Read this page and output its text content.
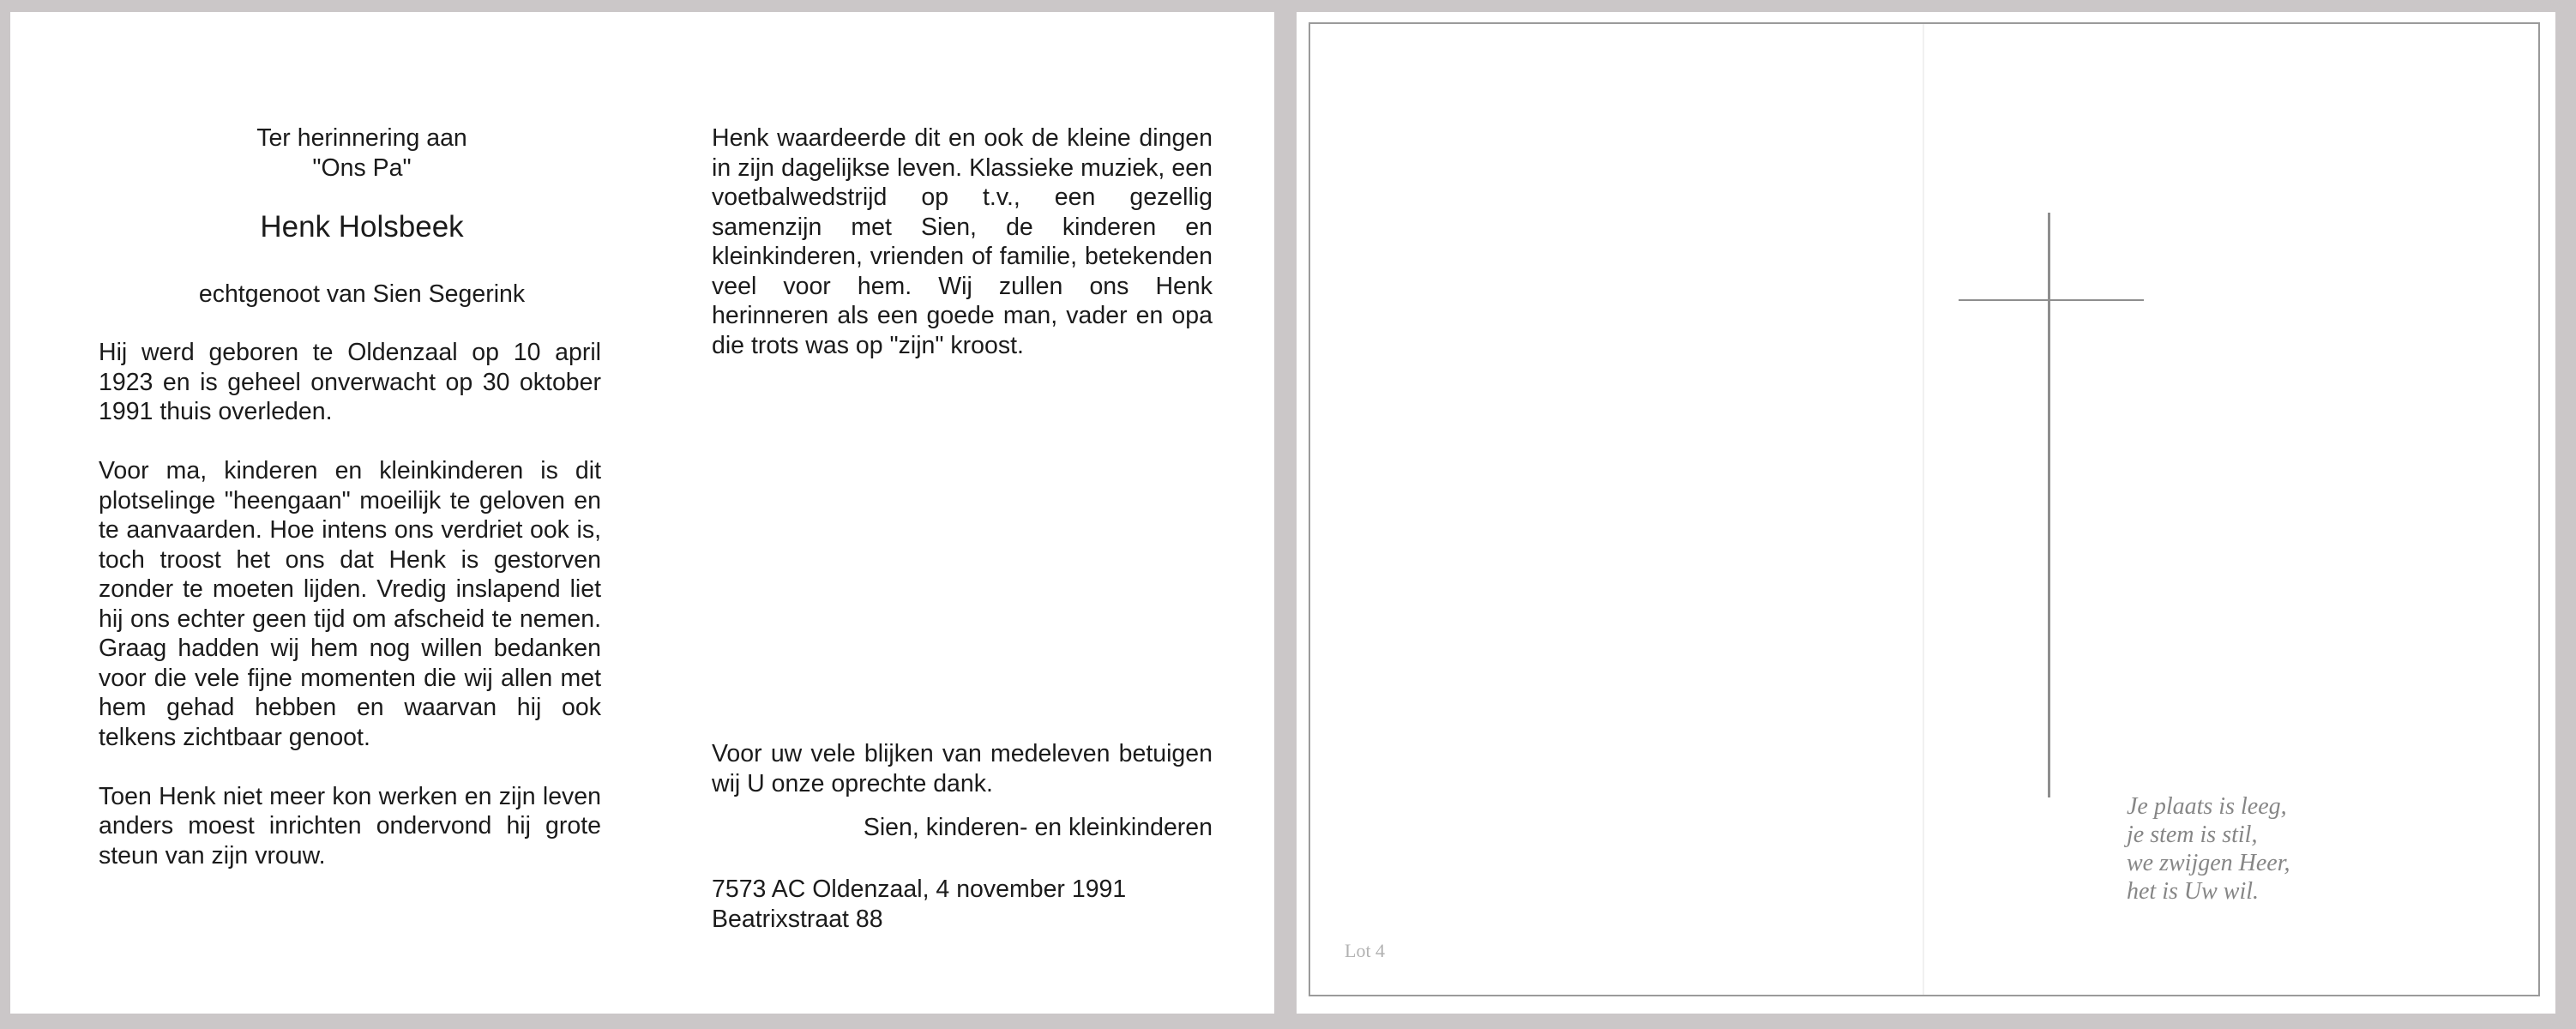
Ter herinnering aan
"Ons Pa"
Henk Holsbeek
echtgenoot van Sien Segerink

Hij werd geboren te Oldenzaal op 10 april 1923 en is geheel onverwacht op 30 oktober 1991 thuis overleden.

Voor ma, kinderen en kleinkinderen is dit plotselinge "heengaan" moeilijk te geloven en te aanvaarden. Hoe intens ons verdriet ook is, toch troost het ons dat Henk is gestorven zonder te moeten lijden. Vredig inslapend liet hij ons echter geen tijd om afscheid te nemen. Graag hadden wij hem nog willen bedanken voor die vele fijne momenten die wij allen met hem gehad hebben en waarvan hij ook telkens zichtbaar genoot.

Toen Henk niet meer kon werken en zijn leven anders moest inrichten ondervond hij grote steun van zijn vrouw.

Henk waardeerde dit en ook de kleine dingen in zijn dagelijkse leven. Klassieke muziek, een voetbalwedstrijd op t.v., een gezellig samenzijn met Sien, de kinderen en kleinkinderen, vrienden of familie, betekenden veel voor hem. Wij zullen ons Henk herinneren als een goede man, vader en opa die trots was op "zijn" kroost.

Voor uw vele blijken van medeleven betuigen wij U onze oprechte dank.
Sien, kinderen- en kleinkinderen
7573 AC Oldenzaal, 4 november 1991
Beatrixstraat 88
Je plaats is leeg,
je stem is stil,
we zwijgen Heer,
het is Uw wil.
Lot 4
